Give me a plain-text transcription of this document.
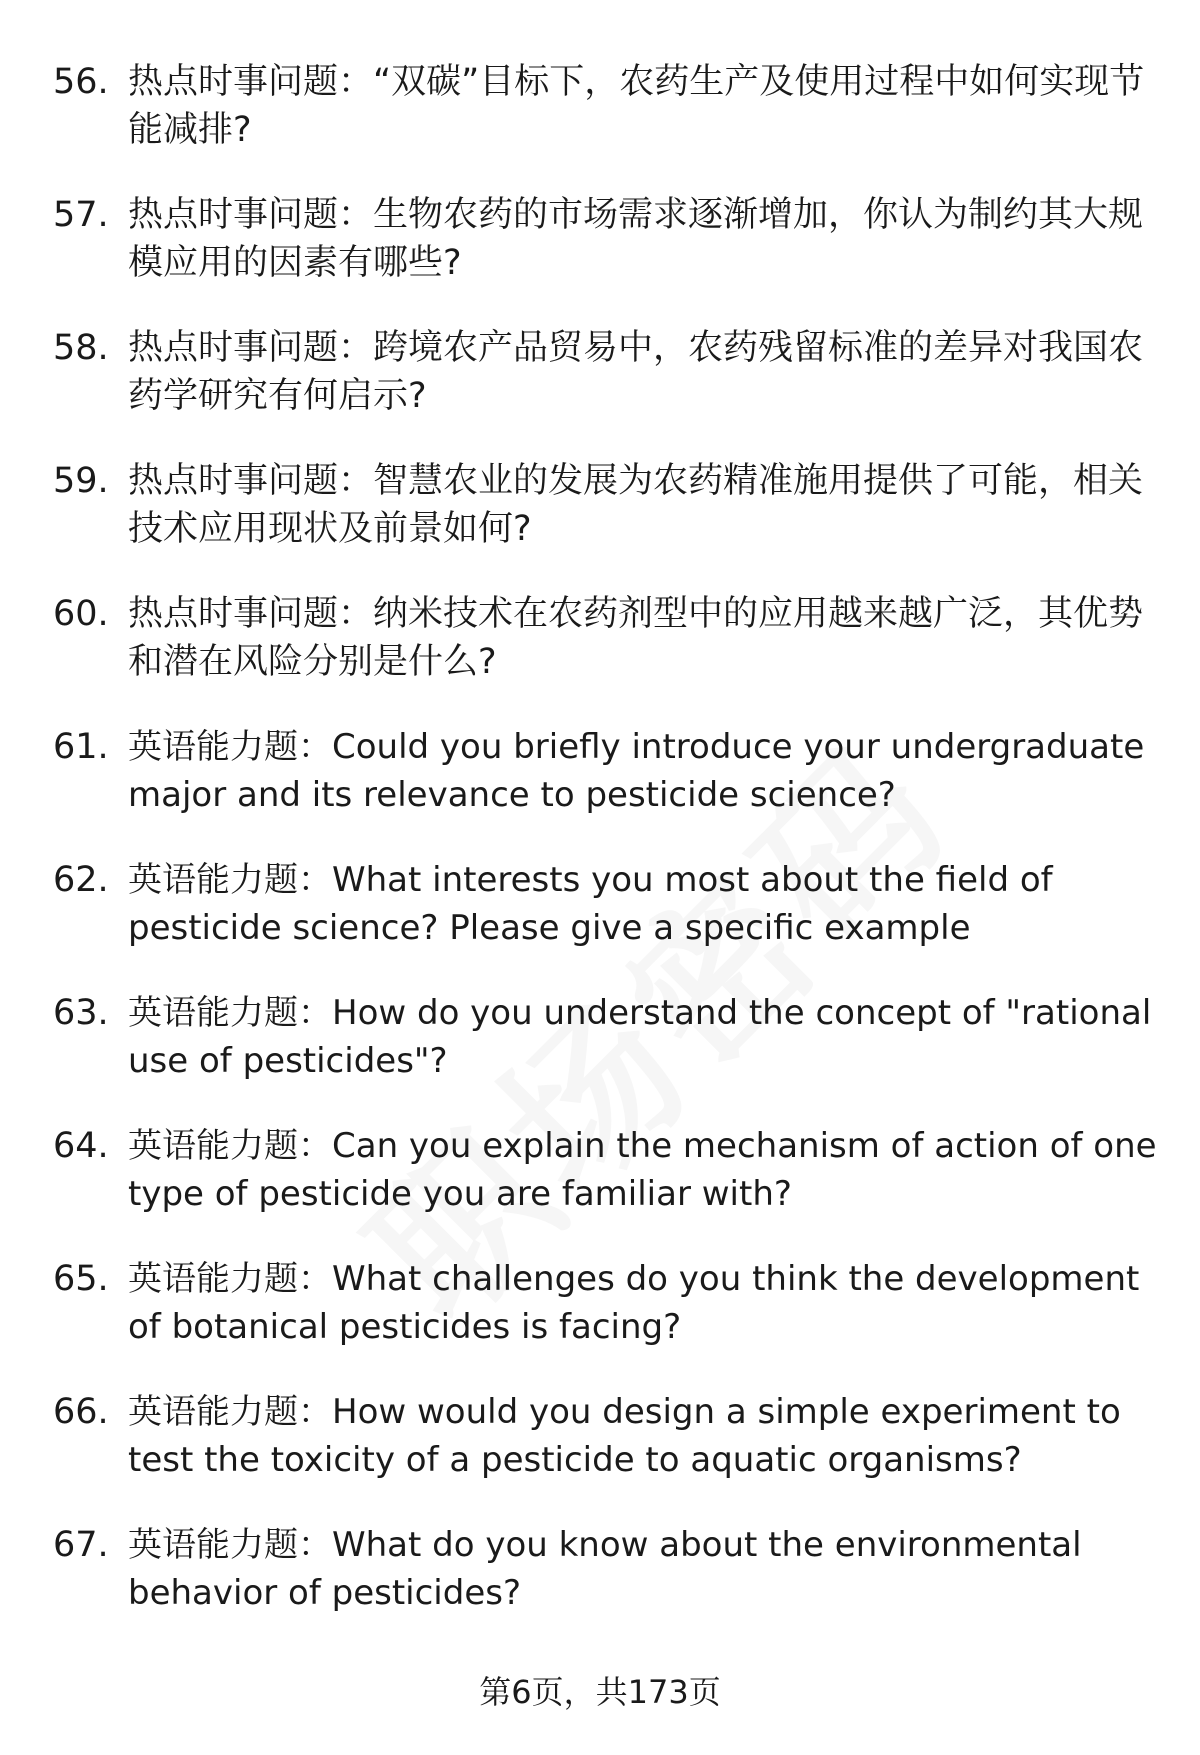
56. 热点时事问题：“双碳”目标下，农药生产及使用过程中如何实现节能减排?
57. 热点时事问题：生物农药的市场需求逐渐增加，你认为制约其大规模应用的因素有哪些?
58. 热点时事问题：跨境农产品贸易中，农药残留标准的差异对我国农药学研究有何启示?
59. 热点时事问题：智慧农业的发展为农药精准施用提供了可能，相关技术应用现状及前景如何?
60. 热点时事问题：纳米技术在农药剂型中的应用越来越广泛，其优势和潜在风险分别是什么?
61. 英语能力题：Could you briefly introduce your undergraduate major and its relevance to pesticide science?
62. 英语能力题：What interests you most about the field of pesticide science? Please give a specific example
63. 英语能力题：How do you understand the concept of "rational use of pesticides"?
64. 英语能力题：Can you explain the mechanism of action of one type of pesticide you are familiar with?
65. 英语能力题：What challenges do you think the development of botanical pesticides is facing?
66. 英语能力题：How would you design a simple experiment to test the toxicity of a pesticide to aquatic organisms?
67. 英语能力题：What do you know about the environmental behavior of pesticides?
第6页，共173页
